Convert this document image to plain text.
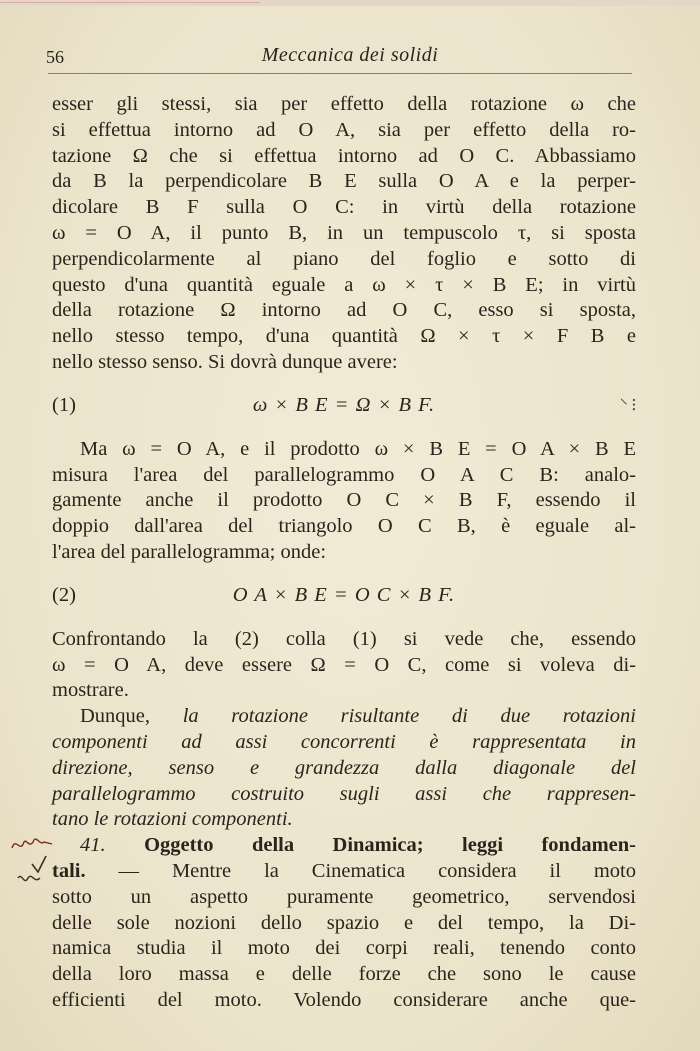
56	Meccanica dei solidi

esser gli stessi, sia per effetto della rotazione ω che
si effettua intorno ad O A, sia per effetto della ro-
tazione Ω che si effettua intorno ad O C. Abbassiamo
da B la perpendicolare B E sulla O A e la perper-
dicolare B F sulla O C: in virtù della rotazione
ω = O A, il punto B, in un tempuscolo τ, si sposta
perpendicolarmente al piano del foglio e sotto di
questo d'una quantità eguale a ω × τ × B E; in virtù
della rotazione Ω intorno ad O C, esso si sposta,
nello stesso tempo, d'una quantità Ω × τ × F B e
nello stesso senso. Si dovrà dunque avere:

(1)	ω × B E = Ω × B F.	⸌ ⁝

Ma ω = O A, e il prodotto ω × B E = O A × B E
misura l'area del parallelogrammo O A C B: analo-
gamente anche il prodotto O C × B F, essendo il
doppio dall'area del triangolo O C B, è eguale al-
l'area del parallelogramma; onde:

(2)	O A × B E = O C × B F.

Confrontando la (2) colla (1) si vede che, essendo
ω = O A, deve essere Ω = O C, come si voleva di-
mostrare.

Dunque, la rotazione risultante di due rotazioni
componenti ad assi concorrenti è rappresentata in
direzione, senso e grandezza dalla diagonale del
parallelogrammo costruito sugli assi che rappresen-
tano le rotazioni componenti.

41. Oggetto della Dinamica; leggi fondamen-
tali. — Mentre la Cinematica considera il moto
sotto un aspetto puramente geometrico, servendosi
delle sole nozioni dello spazio e del tempo, la Di-
namica studia il moto dei corpi reali, tenendo conto
della loro massa e delle forze che sono le cause
efficienti del moto. Volendo considerare anche que-
